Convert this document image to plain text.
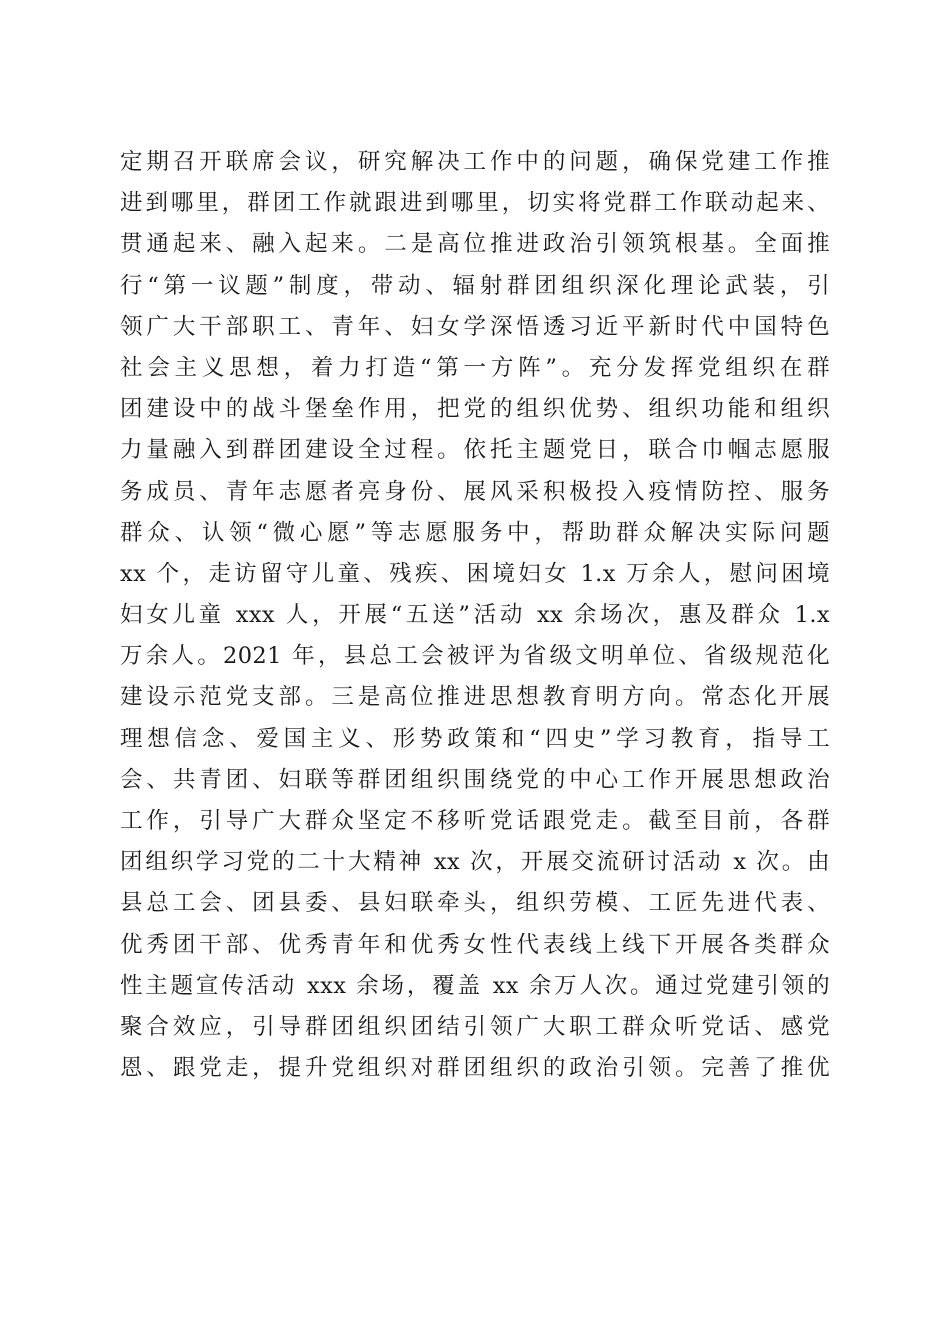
定期召开联席会议，研究解决工作中的问题，确保党建工作推
进到哪里，群团工作就跟进到哪里，切实将党群工作联动起来、
贯通起来、融入起来。二是高位推进政治引领筑根基。全面推
行“第一议题”制度，带动、辐射群团组织深化理论武装，引
领广大干部职工、青年、妇女学深悟透习近平新时代中国特色
社会主义思想，着力打造“第一方阵”。充分发挥党组织在群
团建设中的战斗堡垒作用，把党的组织优势、组织功能和组织
力量融入到群团建设全过程。依托主题党日，联合巾帼志愿服
务成员、青年志愿者亮身份、展风采积极投入疫情防控、服务
群众、认领“微心愿”等志愿服务中，帮助群众解决实际问题
xx 个，走访留守儿童、残疾、困境妇女 1.x 万余人，慰问困境
妇女儿童 xxx 人，开展“五送”活动 xx 余场次，惠及群众 1.x
万余人。2021 年，县总工会被评为省级文明单位、省级规范化
建设示范党支部。三是高位推进思想教育明方向。常态化开展
理想信念、爱国主义、形势政策和“四史”学习教育，指导工
会、共青团、妇联等群团组织围绕党的中心工作开展思想政治
工作，引导广大群众坚定不移听党话跟党走。截至目前，各群
团组织学习党的二十大精神 xx 次，开展交流研讨活动 x 次。由
县总工会、团县委、县妇联牵头，组织劳模、工匠先进代表、
优秀团干部、优秀青年和优秀女性代表线上线下开展各类群众
性主题宣传活动 xxx 余场，覆盖 xx 余万人次。通过党建引领的
聚合效应，引导群团组织团结引领广大职工群众听党话、感党
恩、跟党走，提升党组织对群团组织的政治引领。完善了推优
